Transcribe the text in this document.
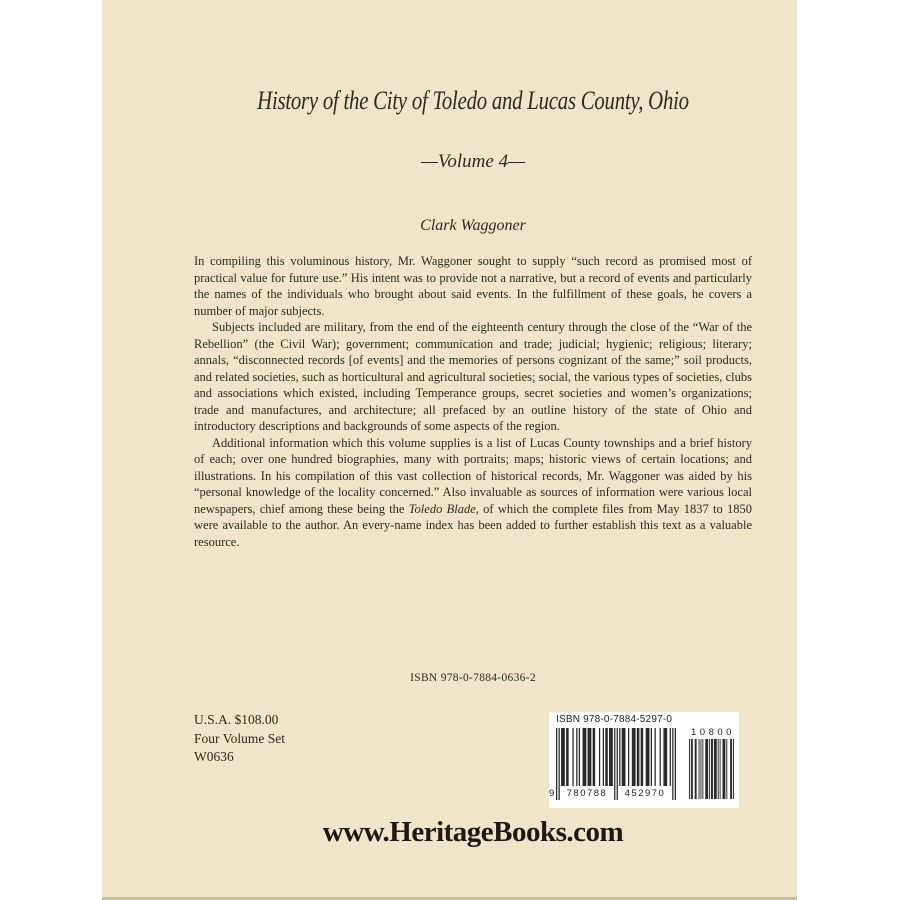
History of the City of Toledo and Lucas County, Ohio
—Volume 4—
Clark Waggoner

In compiling this voluminous history, Mr. Waggoner sought to supply “such record as promised most of practical value for future use.” His intent was to provide not a narrative, but a record of events and particularly the names of the individuals who brought about said events. In the fulfillment of these goals, he covers a number of major subjects.

Subjects included are military, from the end of the eighteenth century through the close of the “War of the Rebellion” (the Civil War); government; communication and trade; judicial; hygienic; religious; literary; annals, “disconnected records [of events] and the memories of persons cognizant of the same;” soil products, and related societies, such as horticultural and agricultural societies; social, the various types of societies, clubs and associations which existed, including Temperance groups, secret societies and women’s organizations; trade and manufactures, and architecture; all prefaced by an outline history of the state of Ohio and introductory descriptions and backgrounds of some aspects of the region.

Additional information which this volume supplies is a list of Lucas County townships and a brief history of each; over one hundred biographies, many with portraits; maps; historic views of certain locations; and illustrations. In his compilation of this vast collection of historical records, Mr. Waggoner was aided by his “personal knowledge of the locality concerned.” Also invaluable as sources of information were various local newspapers, chief among these being the Toledo Blade, of which the complete files from May 1837 to 1850 were available to the author. An every-name index has been added to further establish this text as a valuable resource.

ISBN 978-0-7884-0636-2
U.S.A. $108.00
Four Volume Set
W0636
ISBN 978-0-7884-5297-0
9	780788	452970
10800
www.HeritageBooks.com
